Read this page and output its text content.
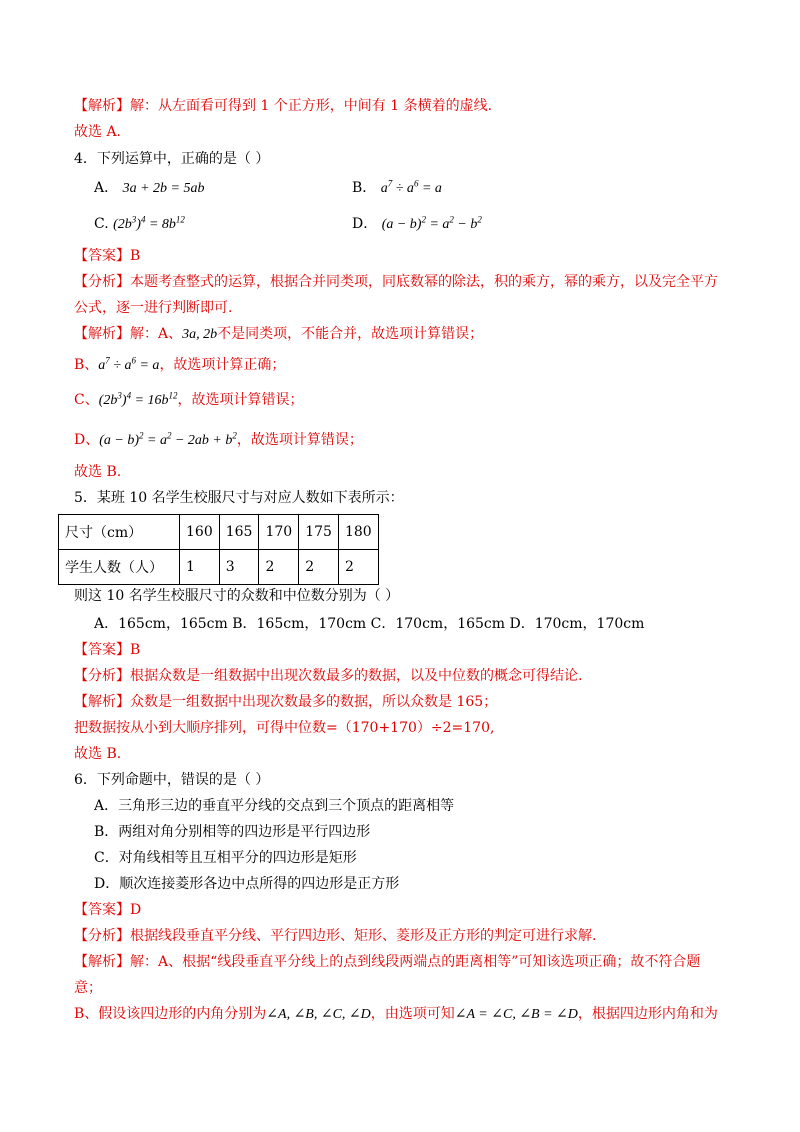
【解析】解：从左面看可得到 1 个正方形，中间有 1 条横着的虚线.
故选 A.
4．下列运算中，正确的是（ ）
A． 3a + 2b = 5ab	B． $a^7 \div a^6 = a$
C. $(2b^3)^4 = 8b^{12}$	D． $(a - b)^2 = a^2 - b^2$
【答案】B
【分析】本题考查整式的运算，根据合并同类项，同底数幂的除法，积的乘方，幂的乘方，以及完全平方
公式，逐一进行判断即可.
【解析】解：A、3a, 2b不是同类项，不能合并，故选项计算错误；
B、$a^7 \div a^6 = a$，故选项计算正确；
C、$(2b^3)^4 = 16b^{12}$，故选项计算错误；
D、$(a - b)^2 = a^2 - 2ab + b^2$，故选项计算错误；
故选 B.
5．某班 10 名学生校服尺寸与对应人数如下表所示：
尺寸（cm）	160	165	170	175	180
学生人数（人）	1	3	2	2	2
则这 10 名学生校服尺寸的众数和中位数分别为（ ）
A．165cm，165cm B．165cm，170cm C．170cm，165cm D．170cm，170cm
【答案】B
【分析】根据众数是一组数据中出现次数最多的数据，以及中位数的概念可得结论.
【解析】众数是一组数据中出现次数最多的数据，所以众数是 165；
把数据按从小到大顺序排列，可得中位数=（170+170）÷2=170,
故选 B.
6．下列命题中，错误的是（ ）
A．三角形三边的垂直平分线的交点到三个顶点的距离相等
B．两组对角分别相等的四边形是平行四边形
C．对角线相等且互相平分的四边形是矩形
D．顺次连接菱形各边中点所得的四边形是正方形
【答案】D
【分析】根据线段垂直平分线、平行四边形、矩形、菱形及正方形的判定可进行求解.
【解析】解：A、根据“线段垂直平分线上的点到线段两端点的距离相等”可知该选项正确；故不符合题
意；
B、假设该四边形的内角分别为∠A, ∠B, ∠C, ∠D，由选项可知∠A = ∠C, ∠B = ∠D，根据四边形内角和为
